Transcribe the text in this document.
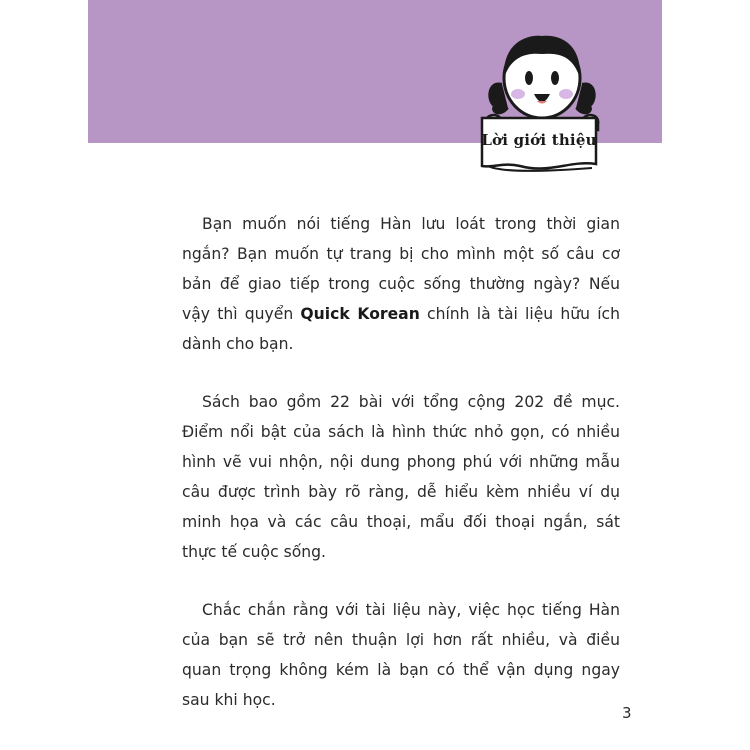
Lời giới thiệu

Bạn muốn nói tiếng Hàn lưu loát trong thời gian ngắn? Bạn muốn tự trang bị cho mình một số câu cơ bản để giao tiếp trong cuộc sống thường ngày? Nếu vậy thì quyển Quick Korean chính là tài liệu hữu ích dành cho bạn.

Sách bao gồm 22 bài với tổng cộng 202 đề mục. Điểm nổi bật của sách là hình thức nhỏ gọn, có nhiều hình vẽ vui nhộn, nội dung phong phú với những mẫu câu được trình bày rõ ràng, dễ hiểu kèm nhiều ví dụ minh họa và các câu thoại, mẩu đối thoại ngắn, sát thực tế cuộc sống.

Chắc chắn rằng với tài liệu này, việc học tiếng Hàn của bạn sẽ trở nên thuận lợi hơn rất nhiều, và điều quan trọng không kém là bạn có thể vận dụng ngay sau khi học.

3
